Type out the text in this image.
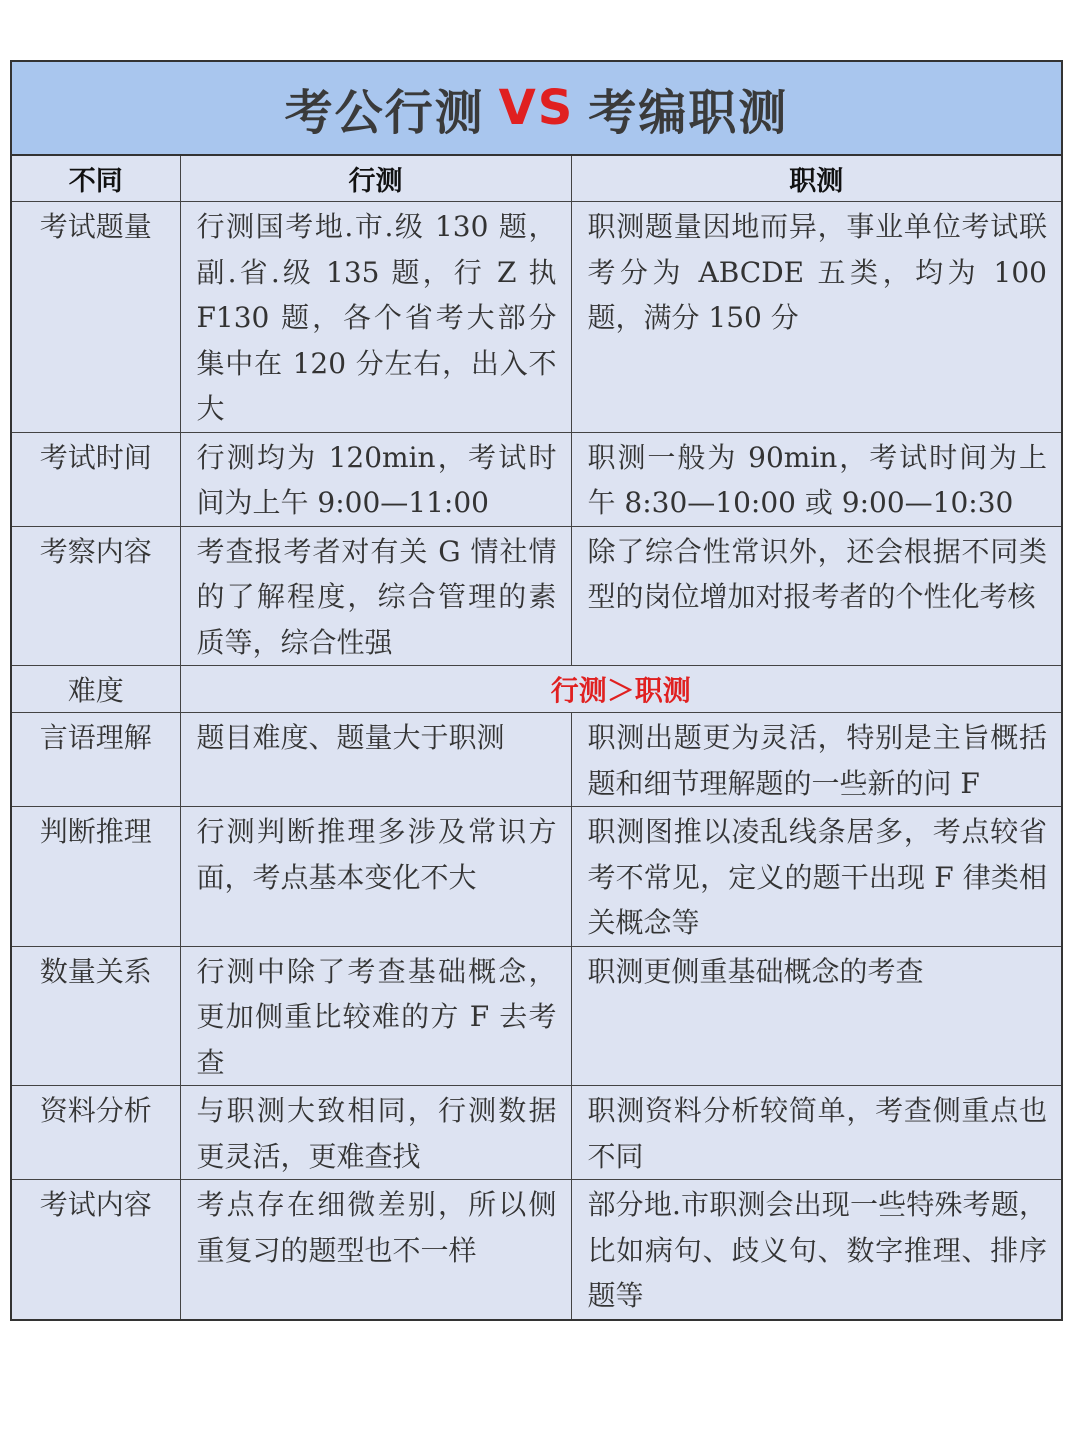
考公行测 VS 考编职测
不同	行测	职测
考试题量	行测国考地.市.级 130 题，副.省.级 135 题，行 Z 执 F130 题，各个省考大部分集中在 120 分左右，出入不大	职测题量因地而异，事业单位考试联考分为 ABCDE 五类，均为 100 题，满分 150 分
考试时间	行测均为 120min，考试时间为上午 9:00—11:00	职测一般为 90min，考试时间为上午 8:30—10:00 或 9:00—10:30
考察内容	考查报考者对有关 G 情社情的了解程度，综合管理的素质等，综合性强	除了综合性常识外，还会根据不同类型的岗位增加对报考者的个性化考核
难度	行测＞职测	
言语理解	题目难度、题量大于职测	职测出题更为灵活，特别是主旨概括题和细节理解题的一些新的问 F
判断推理	行测判断推理多涉及常识方面，考点基本变化不大	职测图推以凌乱线条居多，考点较省考不常见，定义的题干出现 F 律类相关概念等
数量关系	行测中除了考查基础概念，更加侧重比较难的方 F 去考查	职测更侧重基础概念的考查
资料分析	与职测大致相同，行测数据更灵活，更难查找	职测资料分析较简单，考查侧重点也不同
考试内容	考点存在细微差别，所以侧重复习的题型也不一样	部分地.市职测会出现一些特殊考题，比如病句、歧义句、数字推理、排序题等
